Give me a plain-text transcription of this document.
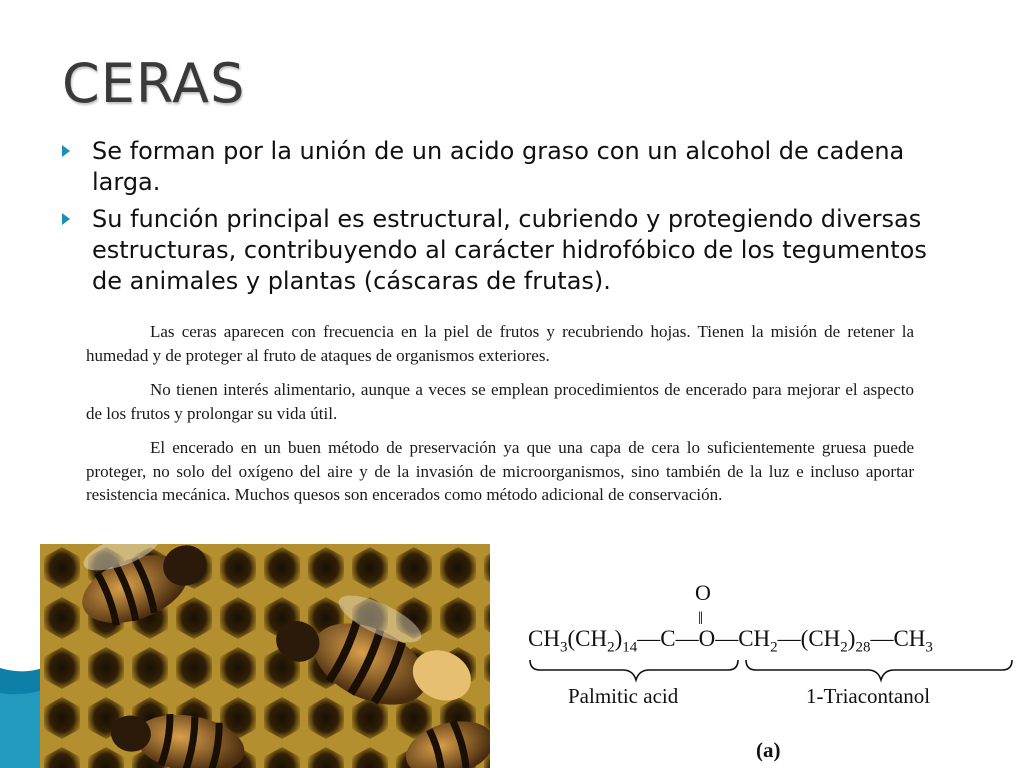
CERAS
Se forman por la unión de un acido graso con un alcohol de cadena larga.
Su función principal es estructural, cubriendo y protegiendo diversas estructuras, contribuyendo al carácter hidrofóbico de los tegumentos de animales y plantas (cáscaras de frutas).

Las ceras aparecen con frecuencia en la piel de frutos y recubriendo hojas. Tienen la misión de retener la humedad y de proteger al fruto de ataques de organismos exteriores.

No tienen interés alimentario, aunque a veces se emplean procedimientos de encerado para mejorar el aspecto de los frutos y prolongar su vida útil.

El encerado en un buen método de preservación ya que una capa de cera lo suficientemente gruesa puede proteger, no solo del oxígeno del aire y de la invasión de microorganismos, sino también de la luz e incluso aportar resistencia mecánica. Muchos quesos son encerados como método adicional de conservación.

O
‖
$CH_3(CH_2)_{14}—C—O—CH_2—(CH_2)_{28}—CH_3$
Palmitic acid	1-Triacontanol
(a)
